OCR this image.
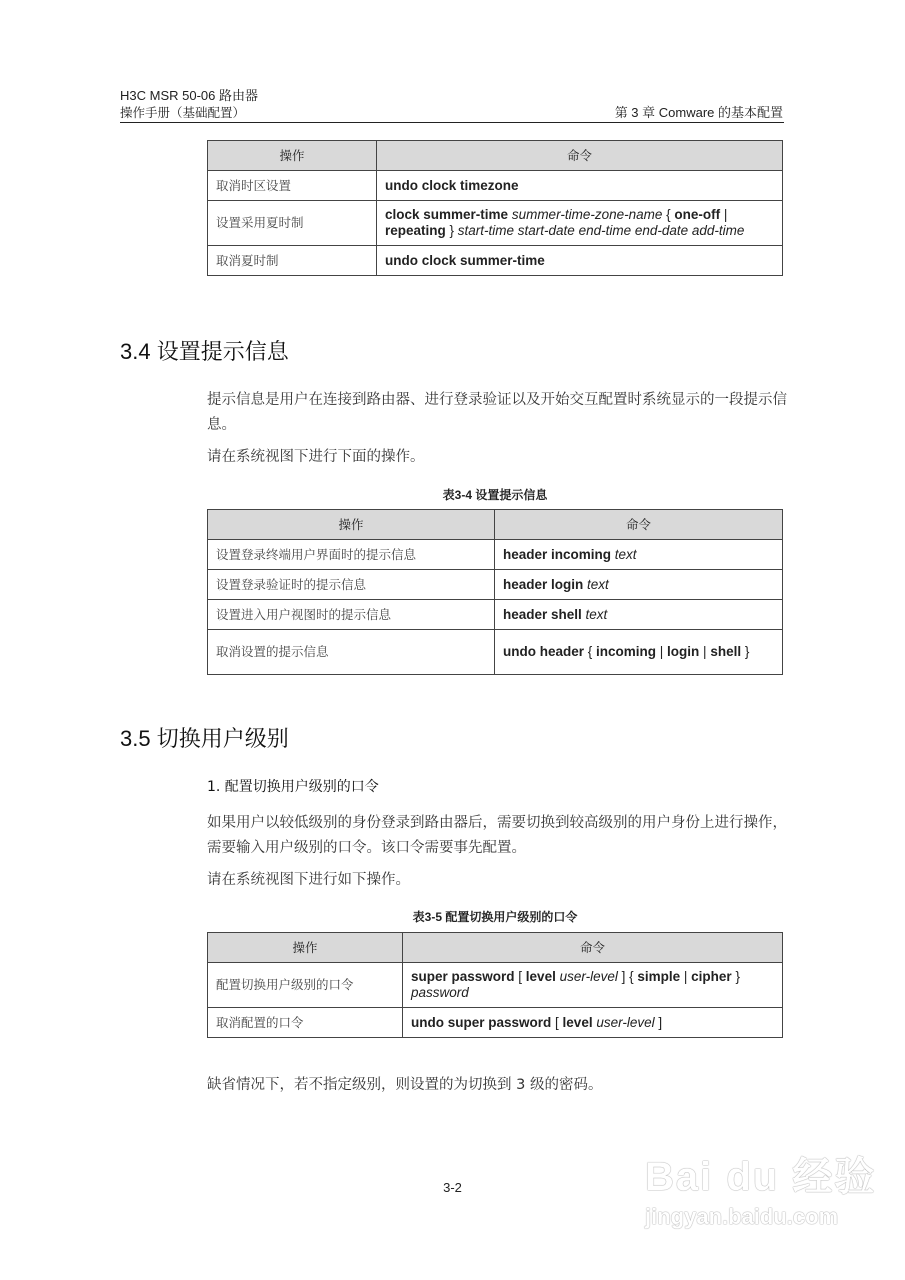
H3C MSR 50-06 路由器
操作手册（基础配置）	第 3 章 Comware 的基本配置
操作	命令
取消时区设置	undo clock timezone
设置采用夏时制	clock summer-time summer-time-zone-name { one-off | repeating } start-time start-date end-time end-date add-time
取消夏时制	undo clock summer-time
3.4 设置提示信息
提示信息是用户在连接到路由器、进行登录验证以及开始交互配置时系统显示的一段提示信息。
请在系统视图下进行下面的操作。
表3-4 设置提示信息
操作	命令
设置登录终端用户界面时的提示信息	header incoming text
设置登录验证时的提示信息	header login text
设置进入用户视图时的提示信息	header shell text
取消设置的提示信息	undo header { incoming | login | shell }
3.5 切换用户级别
1. 配置切换用户级别的口令
如果用户以较低级别的身份登录到路由器后，需要切换到较高级别的用户身份上进行操作，需要输入用户级别的口令。该口令需要事先配置。
请在系统视图下进行如下操作。
表3-5 配置切换用户级别的口令
操作	命令
配置切换用户级别的口令	super password [ level user-level ] { simple | cipher } password
取消配置的口令	undo super password [ level user-level ]
缺省情况下，若不指定级别，则设置的为切换到 3 级的密码。
3-2	Bai du 经验
jingyan.baidu.com
